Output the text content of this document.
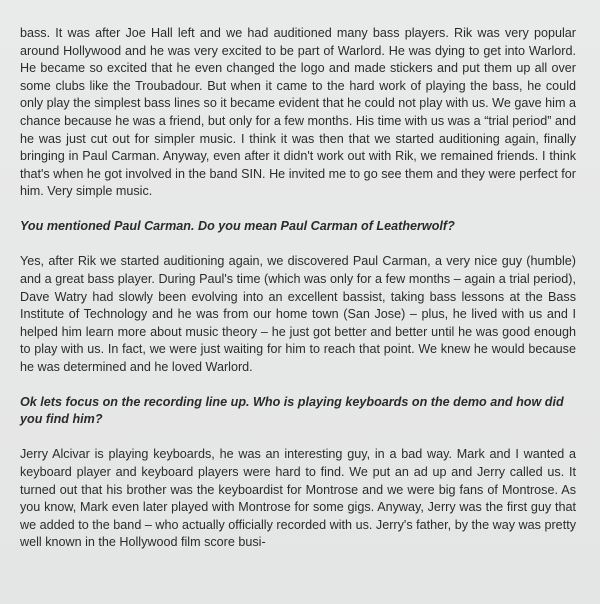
bass. It was after Joe Hall left and we had auditioned many bass players. Rik was very popular around Hollywood and he was very excited to be part of Warlord. He was dying to get into Warlord. He became so excited that he even changed the logo and made stickers and put them up all over some clubs like the Troubadour. But when it came to the hard work of playing the bass, he could only play the simplest bass lines so it became evident that he could not play with us. We gave him a chance because he was a friend, but only for a few months. His time with us was a “trial period” and he was just cut out for simpler music. I think it was then that we started auditioning again, finally bringing in Paul Carman. Anyway, even after it didn't work out with Rik, we remained friends. I think that's when he got involved in the band SIN. He invited me to go see them and they were perfect for him. Very simple music.

You mentioned Paul Carman. Do you mean Paul Carman of Leatherwolf?

Yes, after Rik we started auditioning again, we discovered Paul Carman, a very nice guy (humble) and a great bass player. During Paul's time (which was only for a few months – again a trial period), Dave Watry had slowly been evolving into an excellent bassist, taking bass lessons at the Bass Institute of Technology and he was from our home town (San Jose) – plus, he lived with us and I helped him learn more about music theory – he just got better and better until he was good enough to play with us. In fact, we were just waiting for him to reach that point. We knew he would because he was determined and he loved Warlord.

Ok lets focus on the recording line up. Who is playing keyboards on the demo and how did you find him?

Jerry Alcivar is playing keyboards, he was an interesting guy, in a bad way. Mark and I wanted a keyboard player and keyboard players were hard to find. We put an ad up and Jerry called us. It turned out that his brother was the keyboardist for Montrose and we were big fans of Montrose. As you know, Mark even later played with Montrose for some gigs. Anyway, Jerry was the first guy that we added to the band – who actually officially recorded with us. Jerry's father, by the way was pretty well known in the Hollywood film score busi-
